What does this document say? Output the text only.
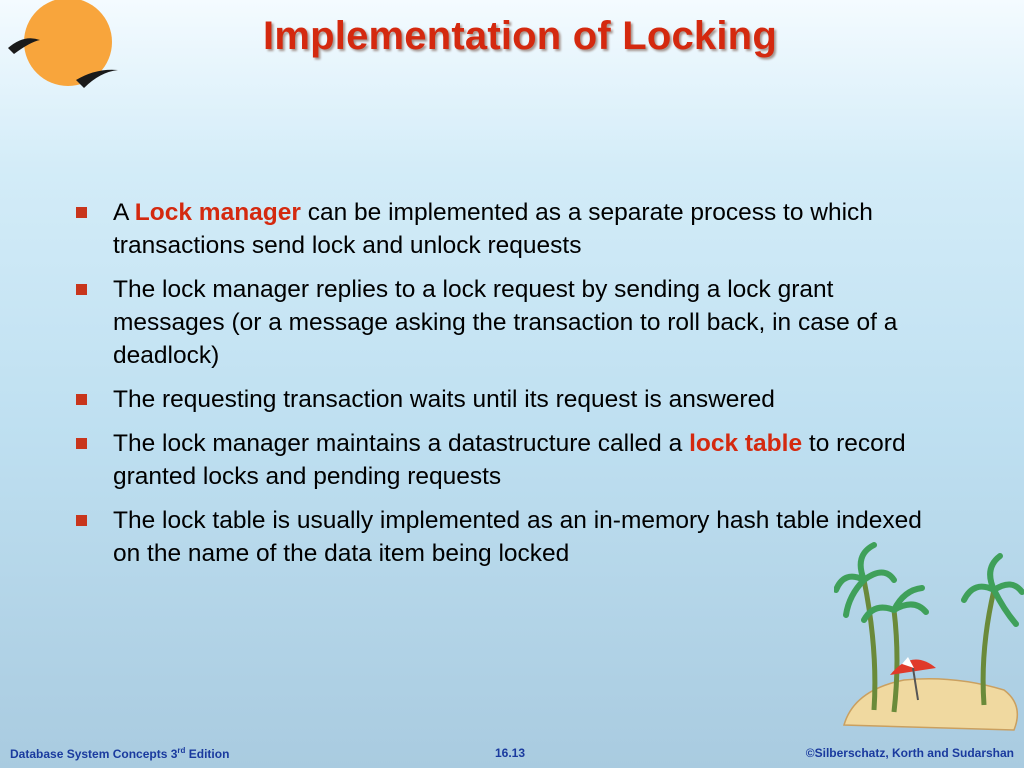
Implementation of Locking
A Lock manager can be implemented as a separate process to which transactions send lock and unlock requests
The lock manager replies to a lock request by sending a lock grant messages (or a message asking the transaction to roll back, in case of a deadlock)
The requesting transaction waits until its request is answered
The lock manager maintains a datastructure called a lock table to record granted locks and pending requests
The lock table is usually implemented as an in-memory hash table indexed on the name of the data item being locked
Database System Concepts 3rd Edition	16.13	©Silberschatz, Korth and Sudarshan
